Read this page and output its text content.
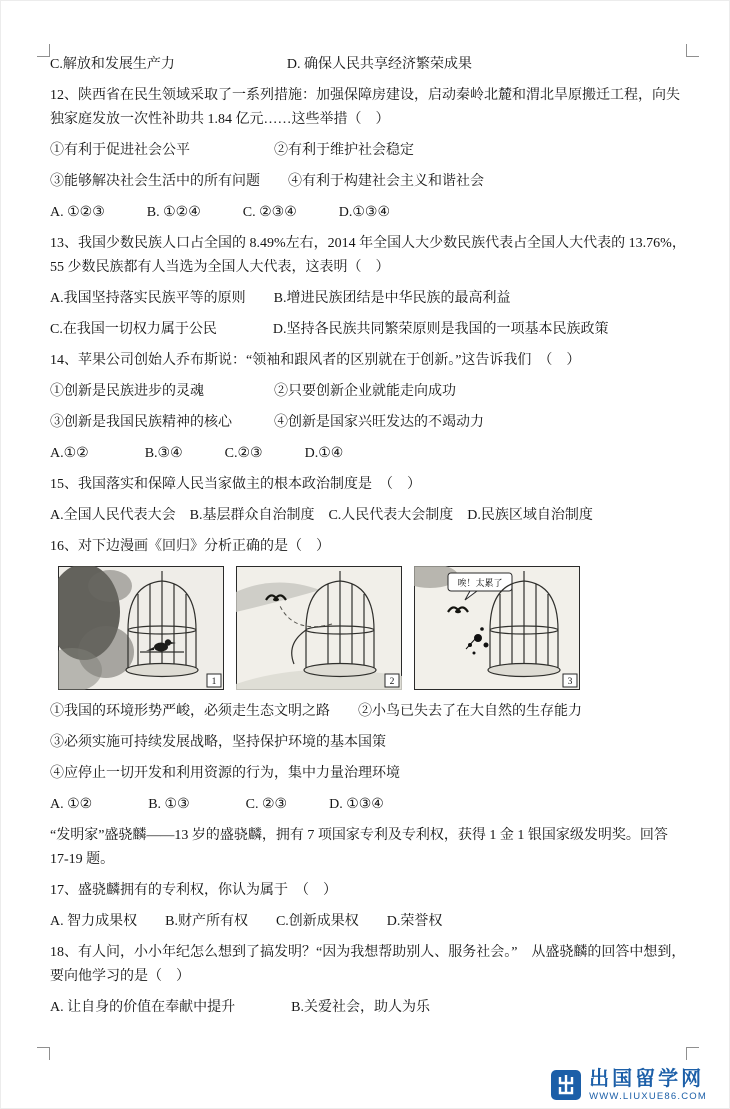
C.解放和发展生产力　　　　　　　　D. 确保人民共享经济繁荣成果

12、陕西省在民生领域采取了一系列措施：加强保障房建设，启动秦岭北麓和渭北旱原搬迁工程，向失独家庭发放一次性补助共 1.84 亿元……这些举措（　）

①有利于促进社会公平　　　　　　②有利于维护社会稳定

③能够解决社会生活中的所有问题　　④有利于构建社会主义和谐社会

A. ①②③　　　B. ①②④　　　C. ②③④　　　D.①③④

13、我国少数民族人口占全国的 8.49%左右，2014 年全国人大少数民族代表占全国人大代表的 13.76%，55 少数民族都有人当选为全国人大代表，这表明（　）

A.我国坚持落实民族平等的原则　　B.增进民族团结是中华民族的最高利益

C.在我国一切权力属于公民　　　　D.坚持各民族共同繁荣原则是我国的一项基本民族政策

14、苹果公司创始人乔布斯说：“领袖和跟风者的区别就在于创新。”这告诉我们　（　）

①创新是民族进步的灵魂　　　　　②只要创新企业就能走向成功

③创新是我国民族精神的核心　　　④创新是国家兴旺发达的不竭动力

A.①②　　　　B.③④　　　C.②③　　　D.①④

15、我国落实和保障人民当家做主的根本政治制度是　（　）

A.全国人民代表大会　B.基层群众自治制度　C.人民代表大会制度　D.民族区域自治制度

16、对下边漫画《回归》分析正确的是（　）

1	2
唉！太累了
3

①我国的环境形势严峻，必须走生态文明之路　　②小鸟已失去了在大自然的生存能力

③必须实施可持续发展战略，坚持保护环境的基本国策

④应停止一切开发和利用资源的行为，集中力量治理环境

A. ①②　　　　B. ①③　　　　C. ②③　　　D. ①③④

“发明家”盛骁麟——13 岁的盛骁麟，拥有 7 项国家专利及专利权，获得 1 金 1 银国家级发明奖。回答 17-19 题。

17、盛骁麟拥有的专利权，你认为属于　（　）

A. 智力成果权　　B.财产所有权　　C.创新成果权　　D.荣誉权

18、有人问，小小年纪怎么想到了搞发明？“因为我想帮助别人、服务社会。”　从盛骁麟的回答中想到，要向他学习的是（　）

A. 让自身的价值在奉献中提升　　　　B.关爱社会，助人为乐

出国留学网
WWW.LIUXUE86.COM
